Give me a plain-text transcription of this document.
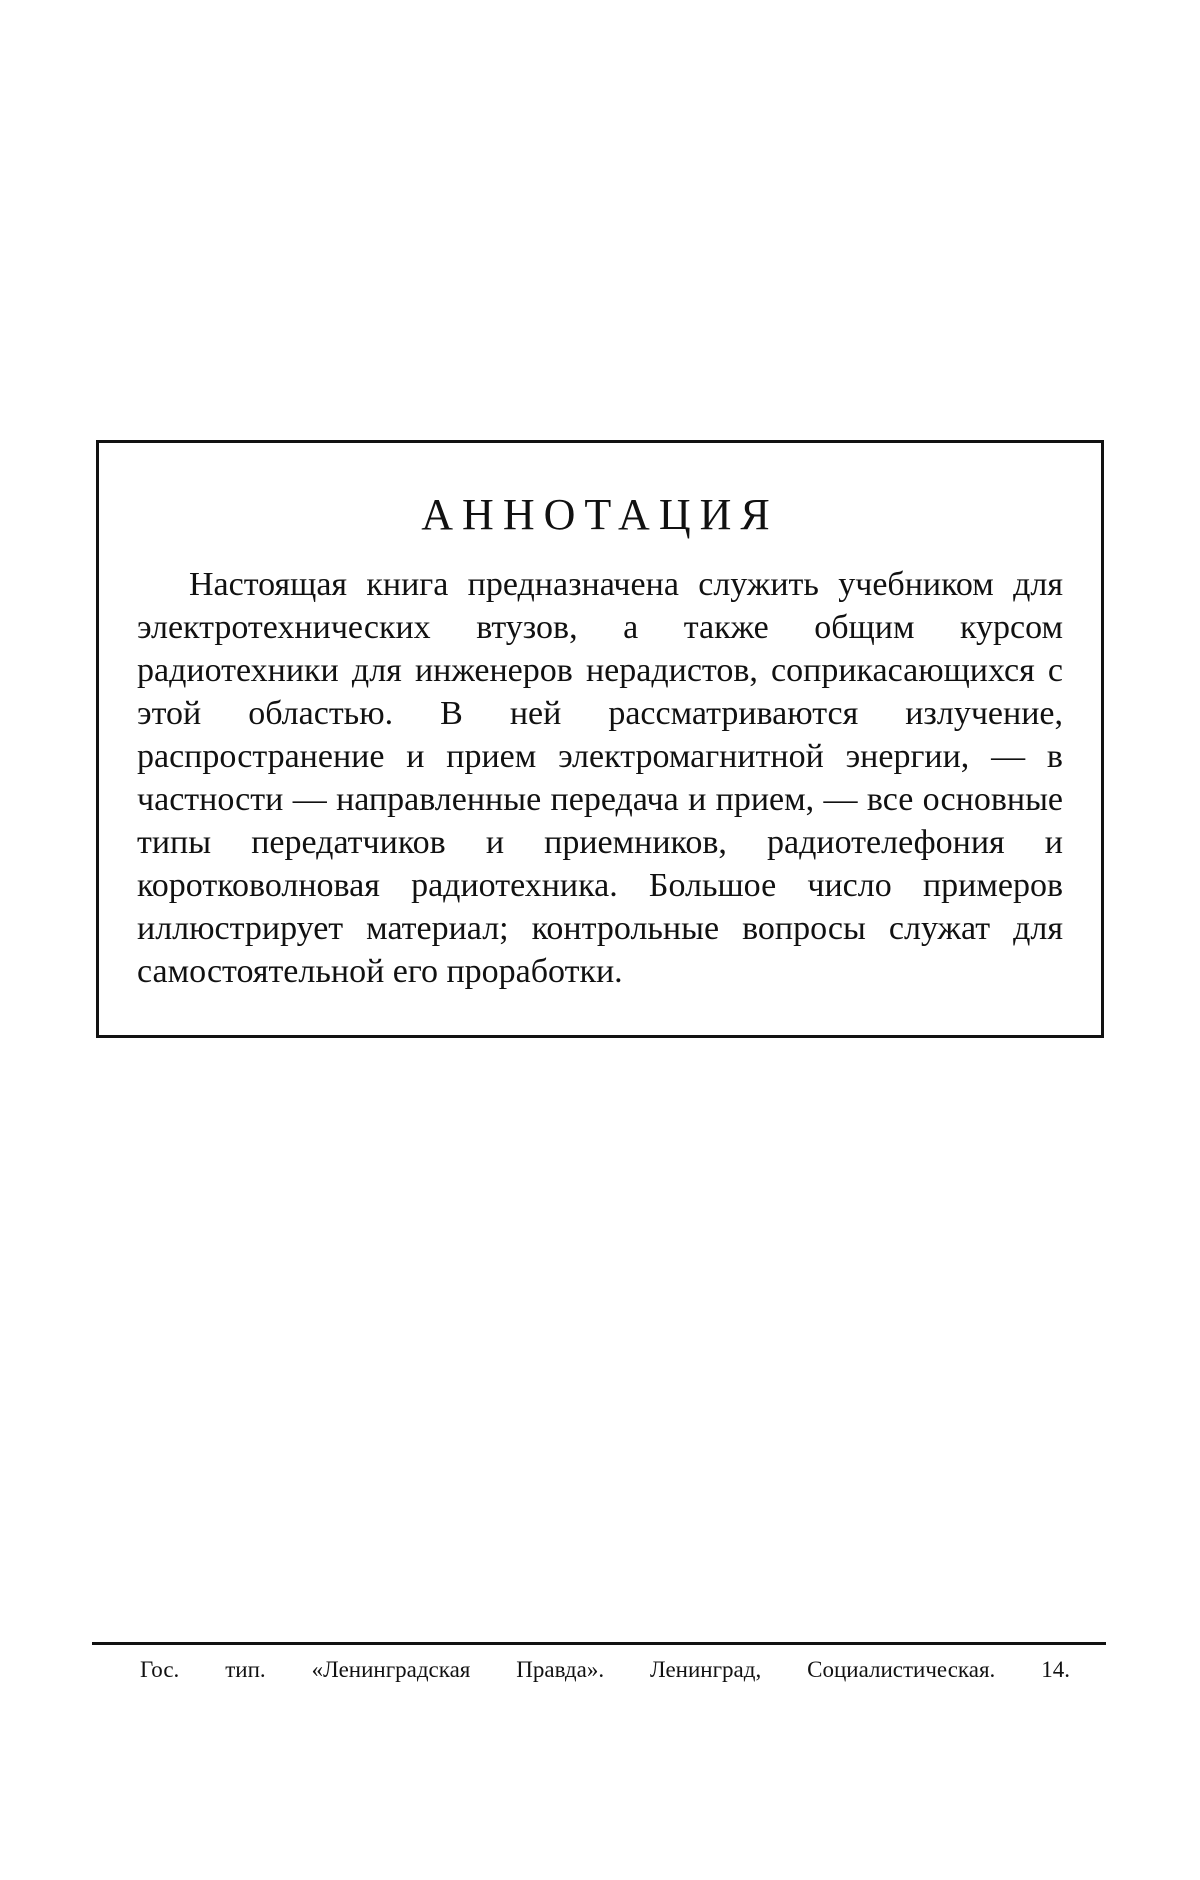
АННОТАЦИЯ

Настоящая книга предназначена служить учебником для электротехнических втузов, а также общим курсом радиотехники для инженеров нерадистов, соприкасающихся с этой областью. В ней рассматриваются излучение, распространение и прием электромагнитной энергии, — в частности — направленные передача и прием, — все основные типы передатчиков и приемников, радиотелефония и коротковолновая радиотехника. Большое число примеров иллюстрирует материал; контрольные вопросы служат для самостоятельной его проработки.

Гос. тип. «Ленинградская Правда». Ленинград, Социалистическая. 14.
